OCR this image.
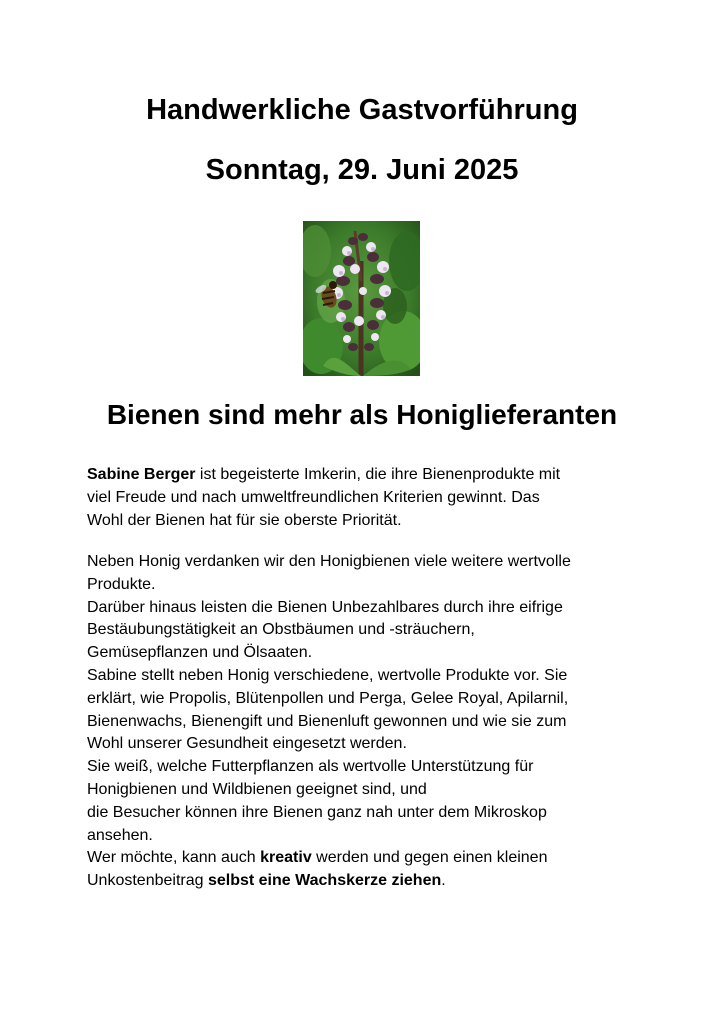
Handwerkliche Gastvorführung
Sonntag, 29. Juni 2025
Bienen sind mehr als Honiglieferanten

Sabine Berger ist begeisterte Imkerin, die ihre Bienenprodukte mit
viel Freude und nach umweltfreundlichen Kriterien gewinnt. Das
Wohl der Bienen hat für sie oberste Priorität.

Neben Honig verdanken wir den Honigbienen viele weitere wertvolle
Produkte.
Darüber hinaus leisten die Bienen Unbezahlbares durch ihre eifrige
Bestäubungstätigkeit an Obstbäumen und -sträuchern,
Gemüsepflanzen und Ölsaaten.
Sabine stellt neben Honig verschiedene, wertvolle Produkte vor. Sie
erklärt, wie Propolis, Blütenpollen und Perga, Gelee Royal, Apilarnil,
Bienenwachs, Bienengift und Bienenluft gewonnen und wie sie zum
Wohl unserer Gesundheit eingesetzt werden.
Sie weiß, welche Futterpflanzen als wertvolle Unterstützung für
Honigbienen und Wildbienen geeignet sind, und
die Besucher können ihre Bienen ganz nah unter dem Mikroskop
ansehen.
Wer möchte, kann auch kreativ werden und gegen einen kleinen
Unkostenbeitrag selbst eine Wachskerze ziehen.
